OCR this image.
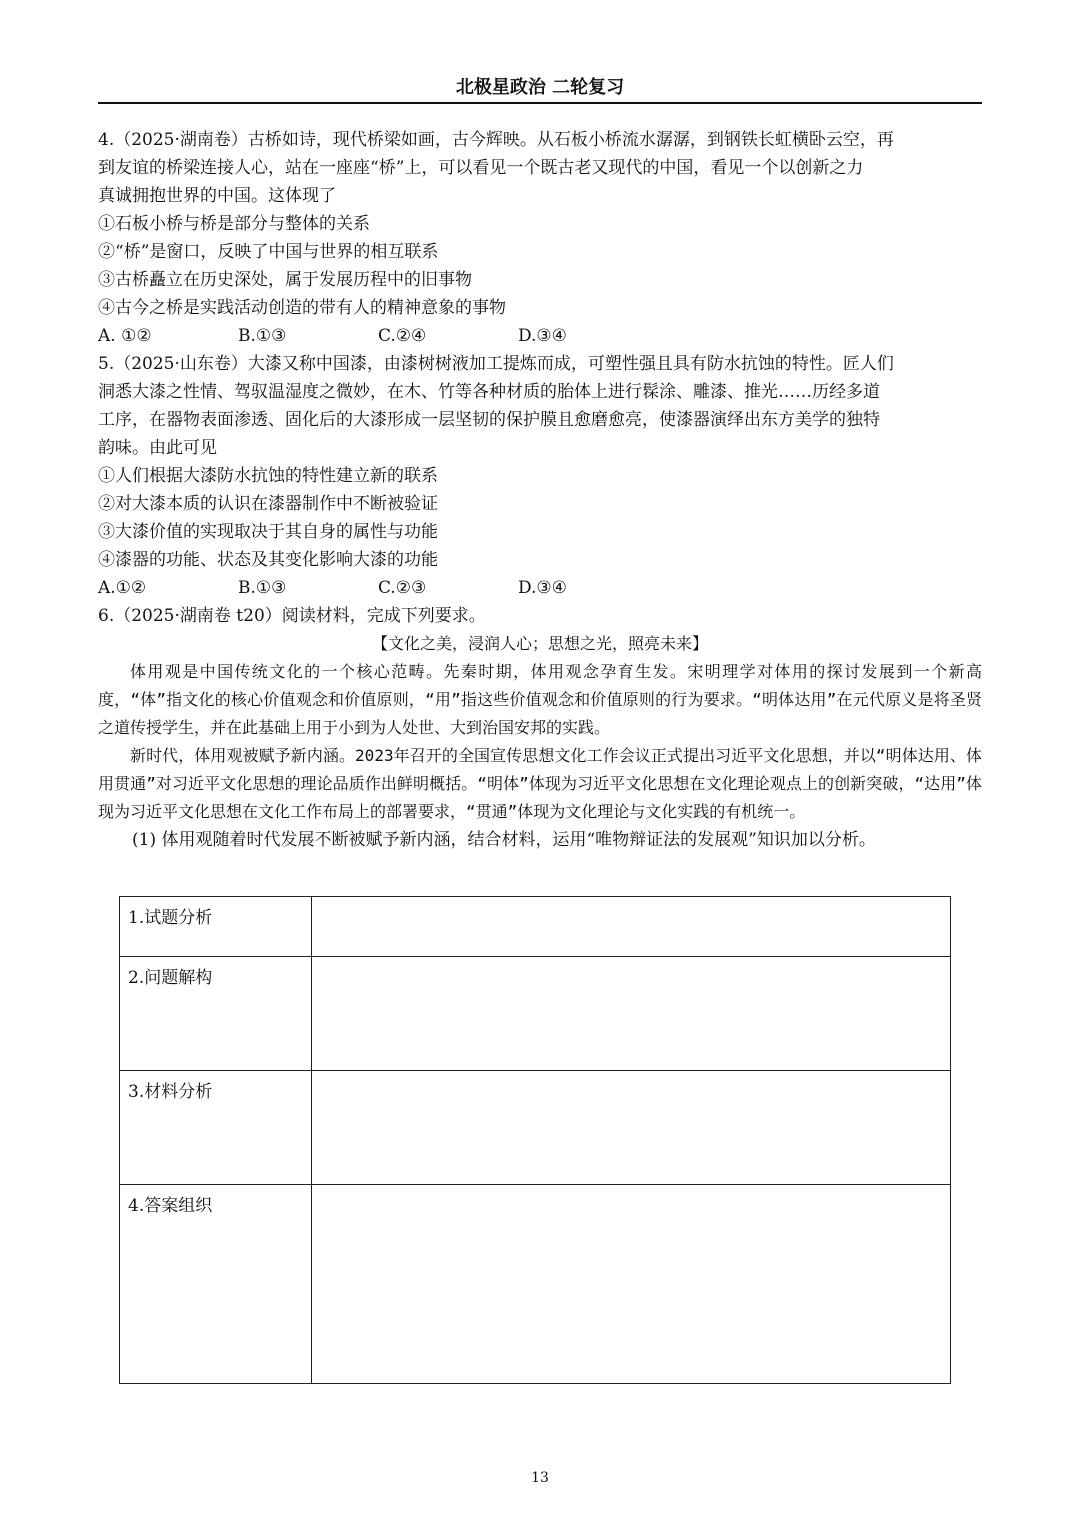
北极星政治 二轮复习
4.（2025·湖南卷）古桥如诗，现代桥梁如画，古今辉映。从石板小桥流水潺潺，到钢铁长虹横卧云空，再
到友谊的桥梁连接人心，站在一座座“桥”上，可以看见一个既古老又现代的中国，看见一个以创新之力
真诚拥抱世界的中国。这体现了
①石板小桥与桥是部分与整体的关系
②“桥”是窗口，反映了中国与世界的相互联系
③古桥矗立在历史深处，属于发展历程中的旧事物
④古今之桥是实践活动创造的带有人的精神意象的事物
A. ①②	B.①③	C.②④	D.③④
5.（2025·山东卷）大漆又称中国漆，由漆树树液加工提炼而成，可塑性强且具有防水抗蚀的特性。匠人们
洞悉大漆之性情、驾驭温湿度之微妙，在木、竹等各种材质的胎体上进行髹涂、雕漆、推光……历经多道
工序，在器物表面渗透、固化后的大漆形成一层坚韧的保护膜且愈磨愈亮，使漆器演绎出东方美学的独特
韵味。由此可见
①人们根据大漆防水抗蚀的特性建立新的联系
②对大漆本质的认识在漆器制作中不断被验证
③大漆价值的实现取决于其自身的属性与功能
④漆器的功能、状态及其变化影响大漆的功能
A.①②	B.①③	C.②③	D.③④
6.（2025·湖南卷 t20）阅读材料，完成下列要求。
【文化之美，浸润人心；思想之光，照亮未来】

体用观是中国传统文化的一个核心范畴。先秦时期，体用观念孕育生发。宋明理学对体用的探讨发展到一个新高度，“体”指文化的核心价值观念和价值原则，“用”指这些价值观念和价值原则的行为要求。“明体达用”在元代原义是将圣贤之道传授学生，并在此基础上用于小到为人处世、大到治国安邦的实践。

新时代，体用观被赋予新内涵。2023年召开的全国宣传思想文化工作会议正式提出习近平文化思想，并以“明体达用、体用贯通”对习近平文化思想的理论品质作出鲜明概括。“明体”体现为习近平文化思想在文化理论观点上的创新突破，“达用”体现为习近平文化思想在文化工作布局上的部署要求，“贯通”体现为文化理论与文化实践的有机统一。

(1) 体用观随着时代发展不断被赋予新内涵，结合材料，运用“唯物辩证法的发展观”知识加以分析。
1.试题分析	
2.问题解构	
3.材料分析	
4.答案组织	
13
